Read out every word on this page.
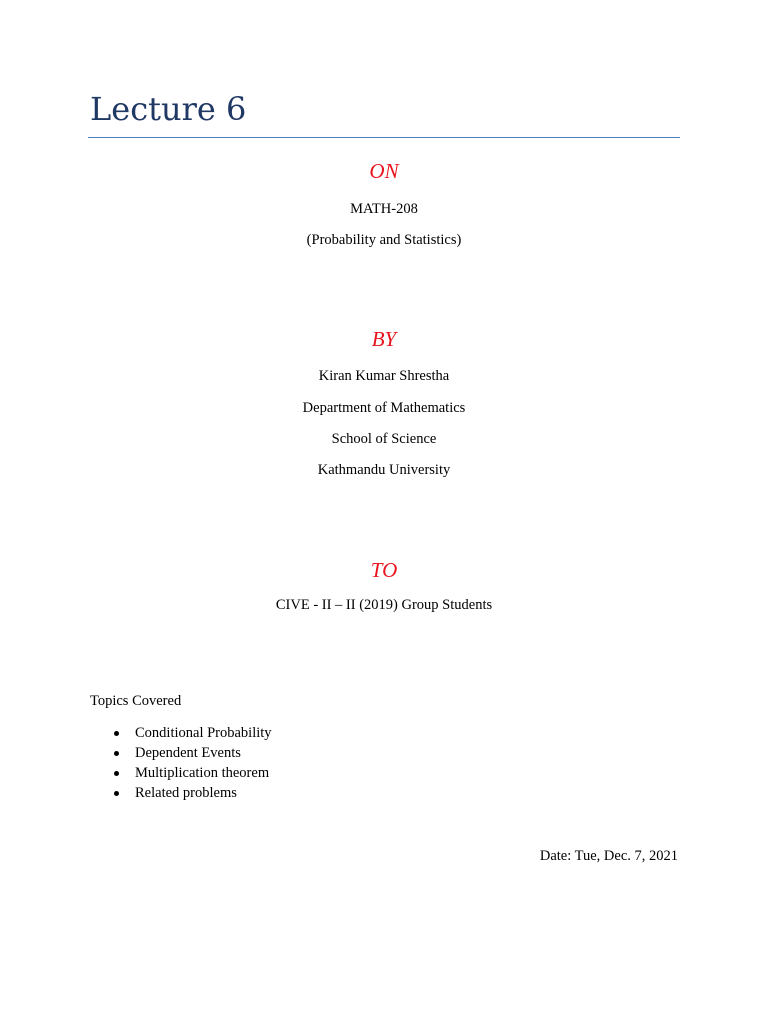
Lecture 6
ON
MATH-208
(Probability and Statistics)
BY
Kiran Kumar Shrestha
Department of Mathematics
School of Science
Kathmandu University
TO
CIVE - II – II (2019) Group Students
Topics Covered
Conditional Probability
Dependent Events
Multiplication theorem
Related problems
Date: Tue, Dec. 7, 2021
